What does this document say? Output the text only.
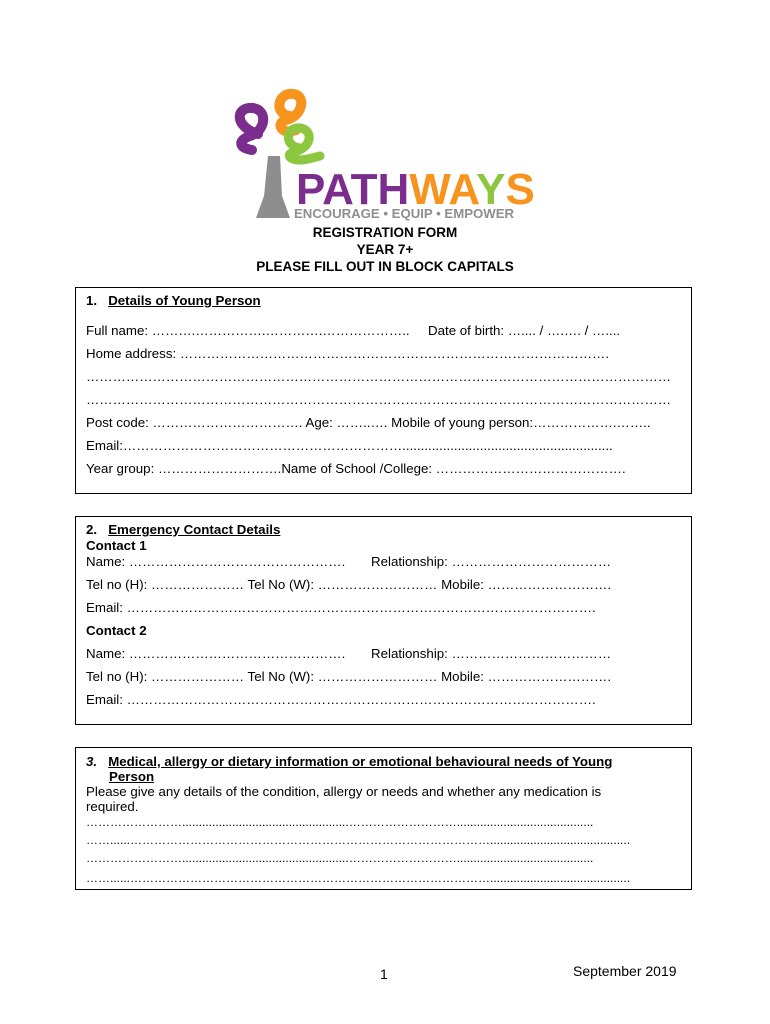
PATHWAYS
ENCOURAGE • EQUIP • EMPOWER
REGISTRATION FORM
YEAR 7+
PLEASE FILL OUT IN BLOCK CAPITALS
1. Details of Young Person
Full name: ……….…………….………….……………….. Date of birth: ….... / ….…. / …....
Home address: …………………………………………………………………………………….
……………………………………………………………………………………………………………………
……………………………………………………………………………………………………………………
Post code: ……………………………. Age: ……..…. Mobile of young person:……………….……..
Email:……………………………………………………….........................................................
Year group: ……………………….Name of School /College: …………………………………….
2. Emergency Contact Details
Contact 1
Name: …………………………………………. Relationship: ………………………………
Tel no (H): ………………… Tel No (W): ……………………… Mobile: ……………………….
Email: …………………………………………………………………………………………….
Contact 2
Name: …………………………………………. Relationship: ………………………………
Tel no (H): ………………… Tel No (W): ……………………… Mobile: ……………………….
Email: …………………………………………………………………………………………….
3. Medical, allergy or dietary information or emotional behavioural needs of Young
Person
Please give any details of the condition, allergy or needs and whether any medication is
required.
……………………..................................................……………………….........................................
……......………………………………………………………………………………..........................................
……………………..................................................……………………….........................................
……......………………………………………………………………………………..........................................
1	September 2019
